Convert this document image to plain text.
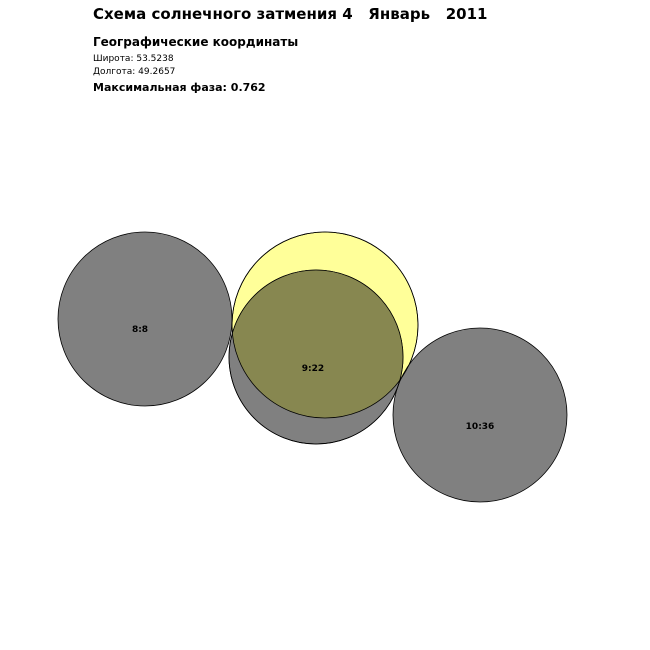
Схема солнечного затмения 4   Январь   2011
Географические координаты
Широта: 53.5238
Долгота: 49.2657
Максимальная фаза: 0.762
8:8
9:22
10:36
